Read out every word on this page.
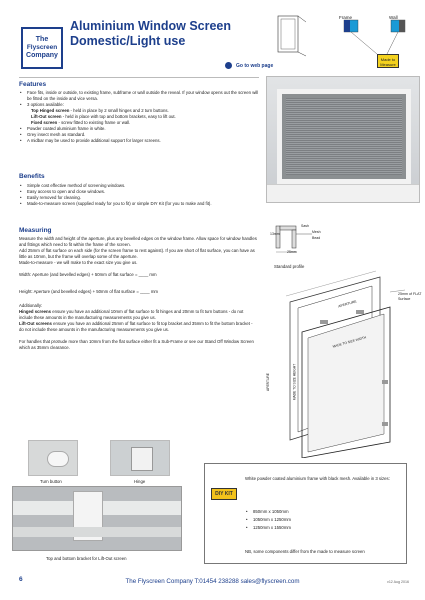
The
Flyscreen
Company
Aluminium Window Screen
Domestic/Light use
Frame	Wall
Made to
Measure
Go to web page
Features
• Face fits, inside or outside, to existing frame, subframe or wall outside the reveal. If your window opens out the screen will be fitted on the inside and vice versa.
• 3 options available:
Top Hinged screen - held in place by 2 small hinges and 2 turn buttons.
Lift-Out screen - held in place with top and bottom brackets, easy to lift out.
Fixed screen - screw fitted to existing frame or wall.
• Powder coated aluminium frame in white.
• Grey insect mesh as standard.
• A midbar may be used to provide additional support for larger screens.
Benefits
• Simple cost effective method of screening windows.
• Easy access to open and close windows.
• Easily removed for cleaning.
• Made-to-measure screen (supplied ready for you to fit) or simple DIY Kit (for you to make and fit).
Measuring

Measure the width and height of the aperture, plus any bevelled edges on the window frame. Allow space for window handles and fittings which need to fit within the frame of the screen.

Add 25mm of flat surface on each side (for the screen frame to rest against). If you are short of flat surface, you can have as little as 10mm, but the frame will overlap some of the aperture.

Made-to-measure - we will make to the exact size you give us.

Width: Aperture (and bevelled edges) + 50mm of flat surface = ____ mm

Height: Aperture (and bevelled edges) + 50mm of flat surface = ____ mm

Additionally:

Hinged screens ensure you have an additional 10mm of flat surface to fit hinges and 20mm to fit turn buttons - do not include these amounts in the manufacturing measurements you give us.

Lift-Out screens ensure you have an additional 25mm of flat surface to fit top bracket and 35mm to fit the bottom bracket - do not include these amounts in the manufacturing measurements you give us.

For handles that protrude more than 10mm from the flat surface either fit a Sub-Frame or see our Stand Off Window Screen which as 35mm clearance.

25mm
13mm
Sash
Mesh
Bead
Standard profile
25mm of FLAT Surface
APERTURE
MADE TO SIZE WIDTH
MADE TO SIZE HEIGHT
APERTURE
Turn button	Hinge
Top and bottom bracket for Lift-Out screen
DIY KIT
White powder coated aluminium frame with black mesh. Available in 3 sizes:
• 850mm x 1050mm
• 1050mm x 1250mm
• 1250mm x 1550mm
NB, some components differ from the made to measure screen
6	The Flyscreen Company T:01454 238288 sales@flyscreen.com	v12 Aug 2016
